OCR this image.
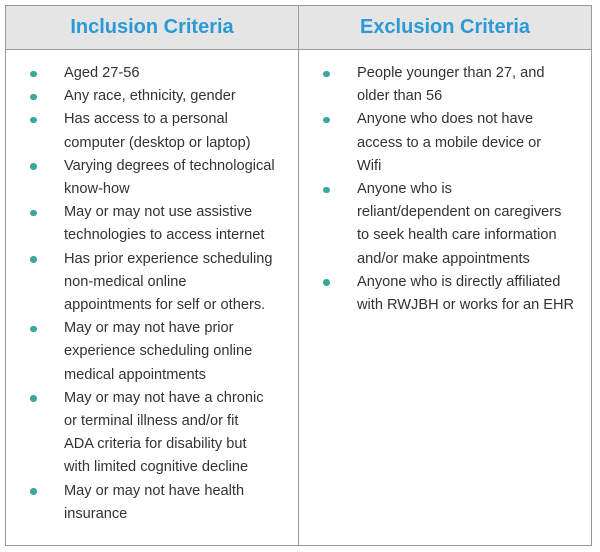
Inclusion Criteria
Aged 27-56
Any race, ethnicity, gender
Has access to a personal
computer (desktop or laptop)
Varying degrees of technological
know-how
May or may not use assistive
technologies to access internet
Has prior experience scheduling
non-medical online
appointments for self or others.
May or may not have prior
experience scheduling online
medical appointments
May or may not have a chronic
or terminal illness and/or fit
ADA criteria for disability but
with limited cognitive decline
May or may not have health
insurance
Exclusion Criteria
People younger than 27, and
older than 56
Anyone who does not have
access to a mobile device or
Wifi
Anyone who is
reliant/dependent on caregivers
to seek health care information
and/or make appointments
Anyone who is directly affiliated
with RWJBH or works for an EHR
